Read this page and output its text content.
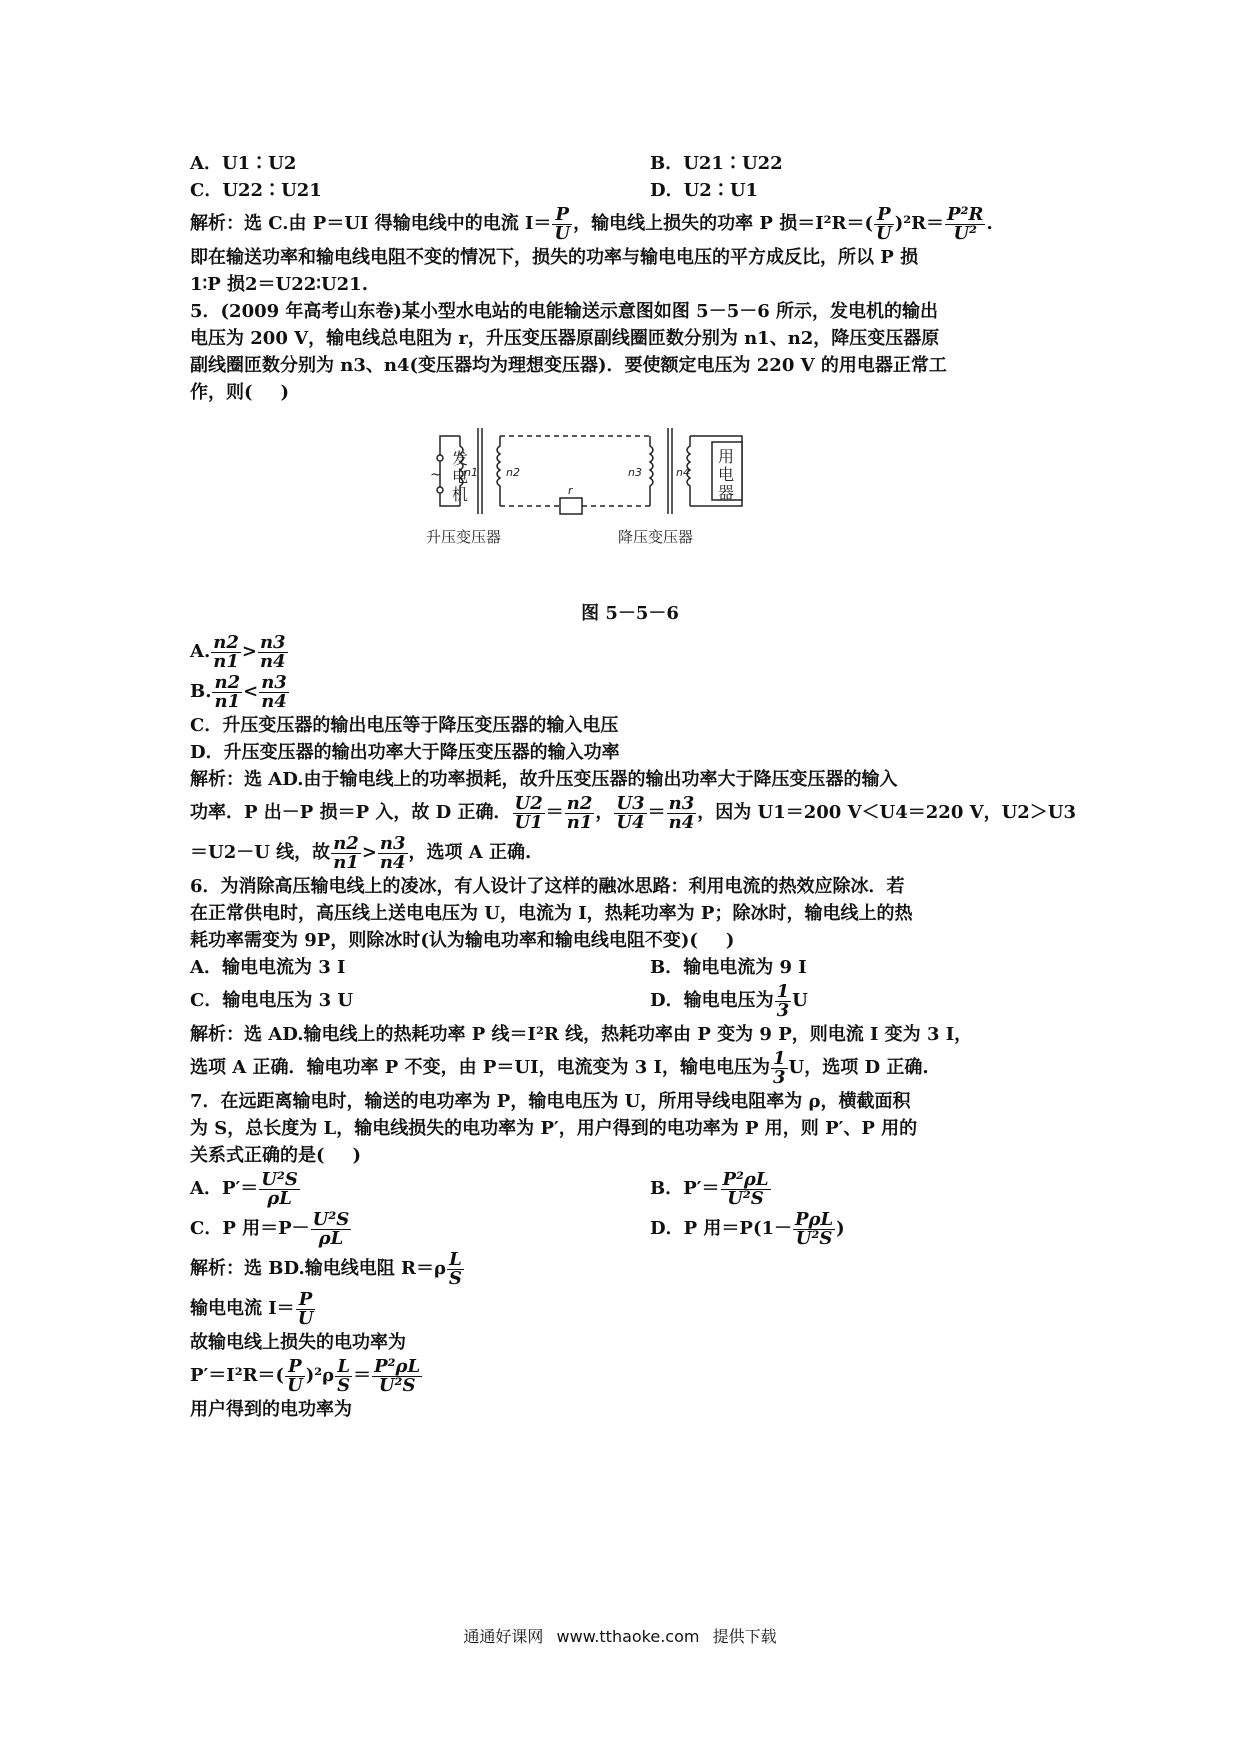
A．U1∶U2	B．U21∶U22
C．U22∶U21	D．U2∶U1
解析：选 C.由 P＝UI 得输电线中的电流 $I= \frac{P}{U}$ ，输电线上损失的功率 P 损$=I^2R=( \frac{P}{U} )^2R= \frac{\text{P²R}}{\text{U²}}$ .
即在输送功率和输电线电阻不变的情况下，损失的功率与输电电压的平方成反比，所以 P 损
1∶P 损2＝U22∶U21.
5．(2009 年高考山东卷)某小型水电站的电能输送示意图如图 5－5－6 所示，发电机的输出
电压为 200 V，输电线总电阻为 r，升压变压器原副线圈匝数分别为 n1、n2，降压变压器原
副线圈匝数分别为 n3、n4(变压器均为理想变压器)．要使额定电压为 220 V 的用电器正常工
作，则( )
发
电
机
~ n1	n2	n3	n4
r
用
电
器
升压变压器	降压变压器
图 5－5－6
A. $\frac{n2}{n1} > \frac{n3}{n4}$
B. $\frac{n2}{n1} < \frac{n3}{n4}$
C．升压变压器的输出电压等于降压变压器的输入电压
D．升压变压器的输出功率大于降压变压器的输入功率
解析：选 AD.由于输电线上的功率损耗，故升压变压器的输出功率大于降压变压器的输入
功率．P 出－P 损＝P 入，故 D 正确． $\frac{U2}{U1} = \frac{n2}{n1}$ ， $\frac{U3}{U4} = \frac{n3}{n4}$ ，因为 U1＝200 V＜U4＝220 V，U2＞U3
＝U2－U 线，故 $\frac{n2}{n1} > \frac{n3}{n4}$ ，选项 A 正确.
6．为消除高压输电线上的凌冰，有人设计了这样的融冰思路：利用电流的热效应除冰．若
在正常供电时，高压线上送电电压为 U，电流为 I，热耗功率为 P；除冰时，输电线上的热
耗功率需变为 9P，则除冰时(认为输电功率和输电线电阻不变)( )
A．输电电流为 3 I	B．输电电流为 9 I
C．输电电压为 3 U	D．输电电压为 $\frac{1}{3}$ U
解析：选 AD.输电线上的热耗功率 P 线＝I²R 线，热耗功率由 P 变为 9 P，则电流 I 变为 3 I，
选项 A 正确．输电功率 P 不变，由 P＝UI，电流变为 3 I，输电电压为 $\frac{1}{3}$ U，选项 D 正确.
7．在远距离输电时，输送的电功率为 P，输电电压为 U，所用导线电阻率为 ρ，横截面积
为 S，总长度为 L，输电线损失的电功率为 P′，用户得到的电功率为 P 用，则 P′、P 用的
关系式正确的是( )
A．$P'= \frac{\text{U²S}}{\rho L}$	B．$P'= \frac{\text{P²ρL}}{\text{U²S}}$
C．P 用$=P- \frac{\text{U²S}}{\rho L}$	D．P 用$=P(1- \frac{\text{PρL}}{\text{U²S}}$ )
解析：选 BD.输电线电阻 $R=\rho \frac{L}{S}$
输电电流 $I= \frac{P}{U}$
故输电线上损失的电功率为
$P'=I^2R=( \frac{P}{U} )^2\rho \frac{L}{S} = \frac{\text{P²ρL}}{\text{U²S}}$
用户得到的电功率为
通通好课网 www.tthaoke.com 提供下载
